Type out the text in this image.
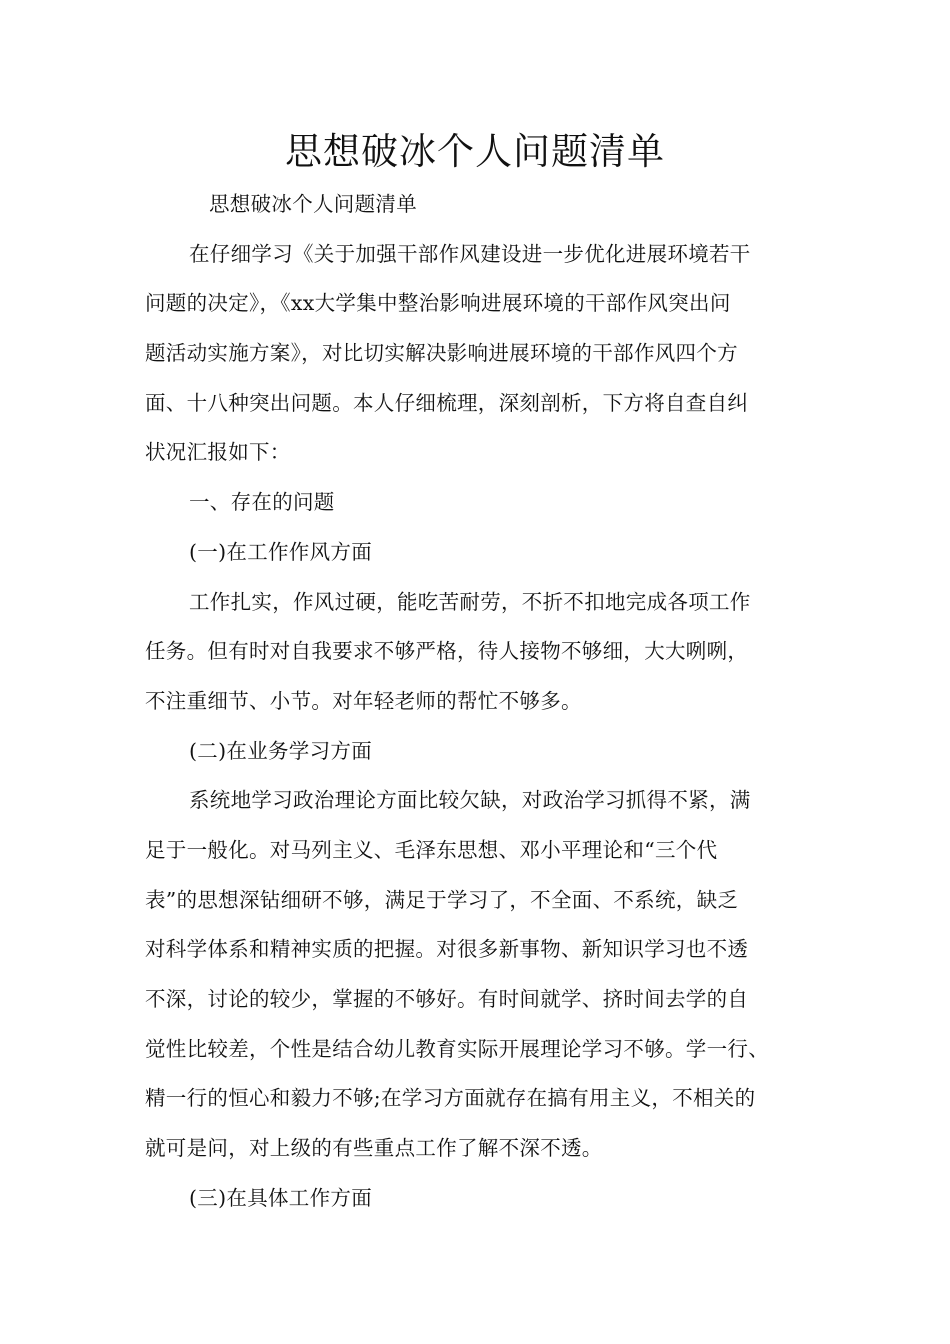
思想破冰个人问题清单
思想破冰个人问题清单
在仔细学习《关于加强干部作风建设进一步优化进展环境若干
问题的决定》，《xx大学集中整治影响进展环境的干部作风突出问
题活动实施方案》，对比切实解决影响进展环境的干部作风四个方
面、十八种突出问题。本人仔细梳理，深刻剖析，下方将自查自纠
状况汇报如下：
一、存在的问题
(一)在工作作风方面
工作扎实，作风过硬，能吃苦耐劳，不折不扣地完成各项工作
任务。但有时对自我要求不够严格，待人接物不够细，大大咧咧，
不注重细节、小节。对年轻老师的帮忙不够多。
(二)在业务学习方面
系统地学习政治理论方面比较欠缺，对政治学习抓得不紧，满
足于一般化。对马列主义、毛泽东思想、邓小平理论和“三个代
表”的思想深钻细研不够，满足于学习了，不全面、不系统，缺乏
对科学体系和精神实质的把握。对很多新事物、新知识学习也不透
不深，讨论的较少，掌握的不够好。有时间就学、挤时间去学的自
觉性比较差，个性是结合幼儿教育实际开展理论学习不够。学一行、
精一行的恒心和毅力不够;在学习方面就存在搞有用主义，不相关的
就可是问，对上级的有些重点工作了解不深不透。
(三)在具体工作方面
